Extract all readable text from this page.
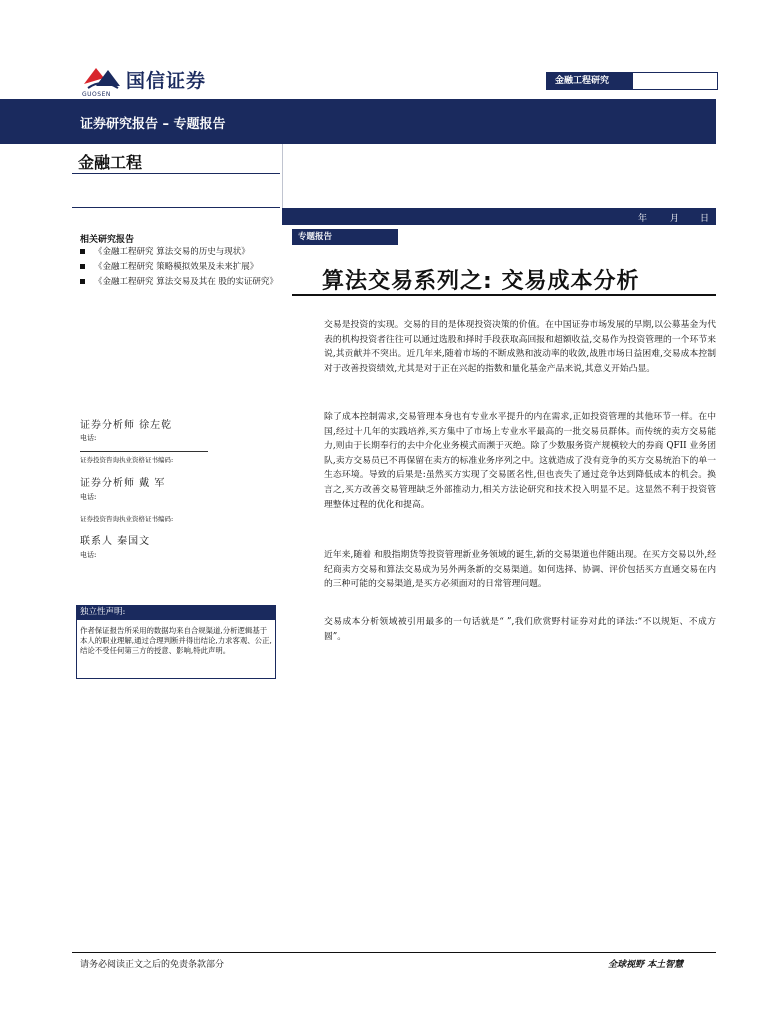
国信证券
GUOSEN
金融工程研究
证券研究报告 – 专题报告
金融工程
年	月 日
相关研究报告
《金融工程研究 算法交易的历史与现状》
《金融工程研究 策略模拟效果及未来扩展》
《金融工程研究 算法交易及其在 股的实证研究》
证券分析师 徐左乾
电话:
证券投资咨询执业资格证书编码:
证券分析师 戴 军
电话:
证券投资咨询执业资格证书编码:
联系人 秦国文
电话:
独立性声明:
作者保证报告所采用的数据均来自合规渠道,分析逻辑基于本人的职业理解,通过合理判断并得出结论,力求客观、公正,结论不受任何第三方的授意、影响,特此声明。
专题报告
算法交易系列之: 交易成本分析
交易是投资的实现。交易的目的是体现投资决策的价值。在中国证券市场发展的早期,以公募基金为代表的机构投资者往往可以通过选股和择时手段获取高回报和超额收益,交易作为投资管理的一个环节来说,其贡献并不突出。近几年来,随着市场的不断成熟和波动率的收敛,战胜市场日益困难,交易成本控制对于改善投资绩效,尤其是对于正在兴起的指数和量化基金产品来说,其意义开始凸显。
除了成本控制需求,交易管理本身也有专业水平提升的内在需求,正如投资管理的其他环节一样。在中国,经过十几年的实践培养,买方集中了市场上专业水平最高的一批交易员群体。而传统的卖方交易能力,则由于长期奉行的去中介化业务模式而濒于灭绝。除了少数服务资产规模较大的券商 QFII 业务团队,卖方交易员已不再保留在卖方的标准业务序列之中。这就造成了没有竞争的买方交易统治下的单一生态环境。导致的后果是:虽然买方实现了交易匿名性,但也丧失了通过竞争达到降低成本的机会。换言之,买方改善交易管理缺乏外部推动力,相关方法论研究和技术投入明显不足。这显然不利于投资管理整体过程的优化和提高。
近年来,随着 和股指期货等投资管理新业务领域的诞生,新的交易渠道也伴随出现。在买方交易以外,经纪商卖方交易和算法交易成为另外两条新的交易渠道。如何选择、协调、评价包括买方直通交易在内的三种可能的交易渠道,是买方必须面对的日常管理问题。
交易成本分析领域被引用最多的一句话就是“ ”,我们欣赏野村证券对此的译法:“不以规矩、不成方圆”。
请务必阅读正文之后的免责条款部分	全球视野 本土智慧
